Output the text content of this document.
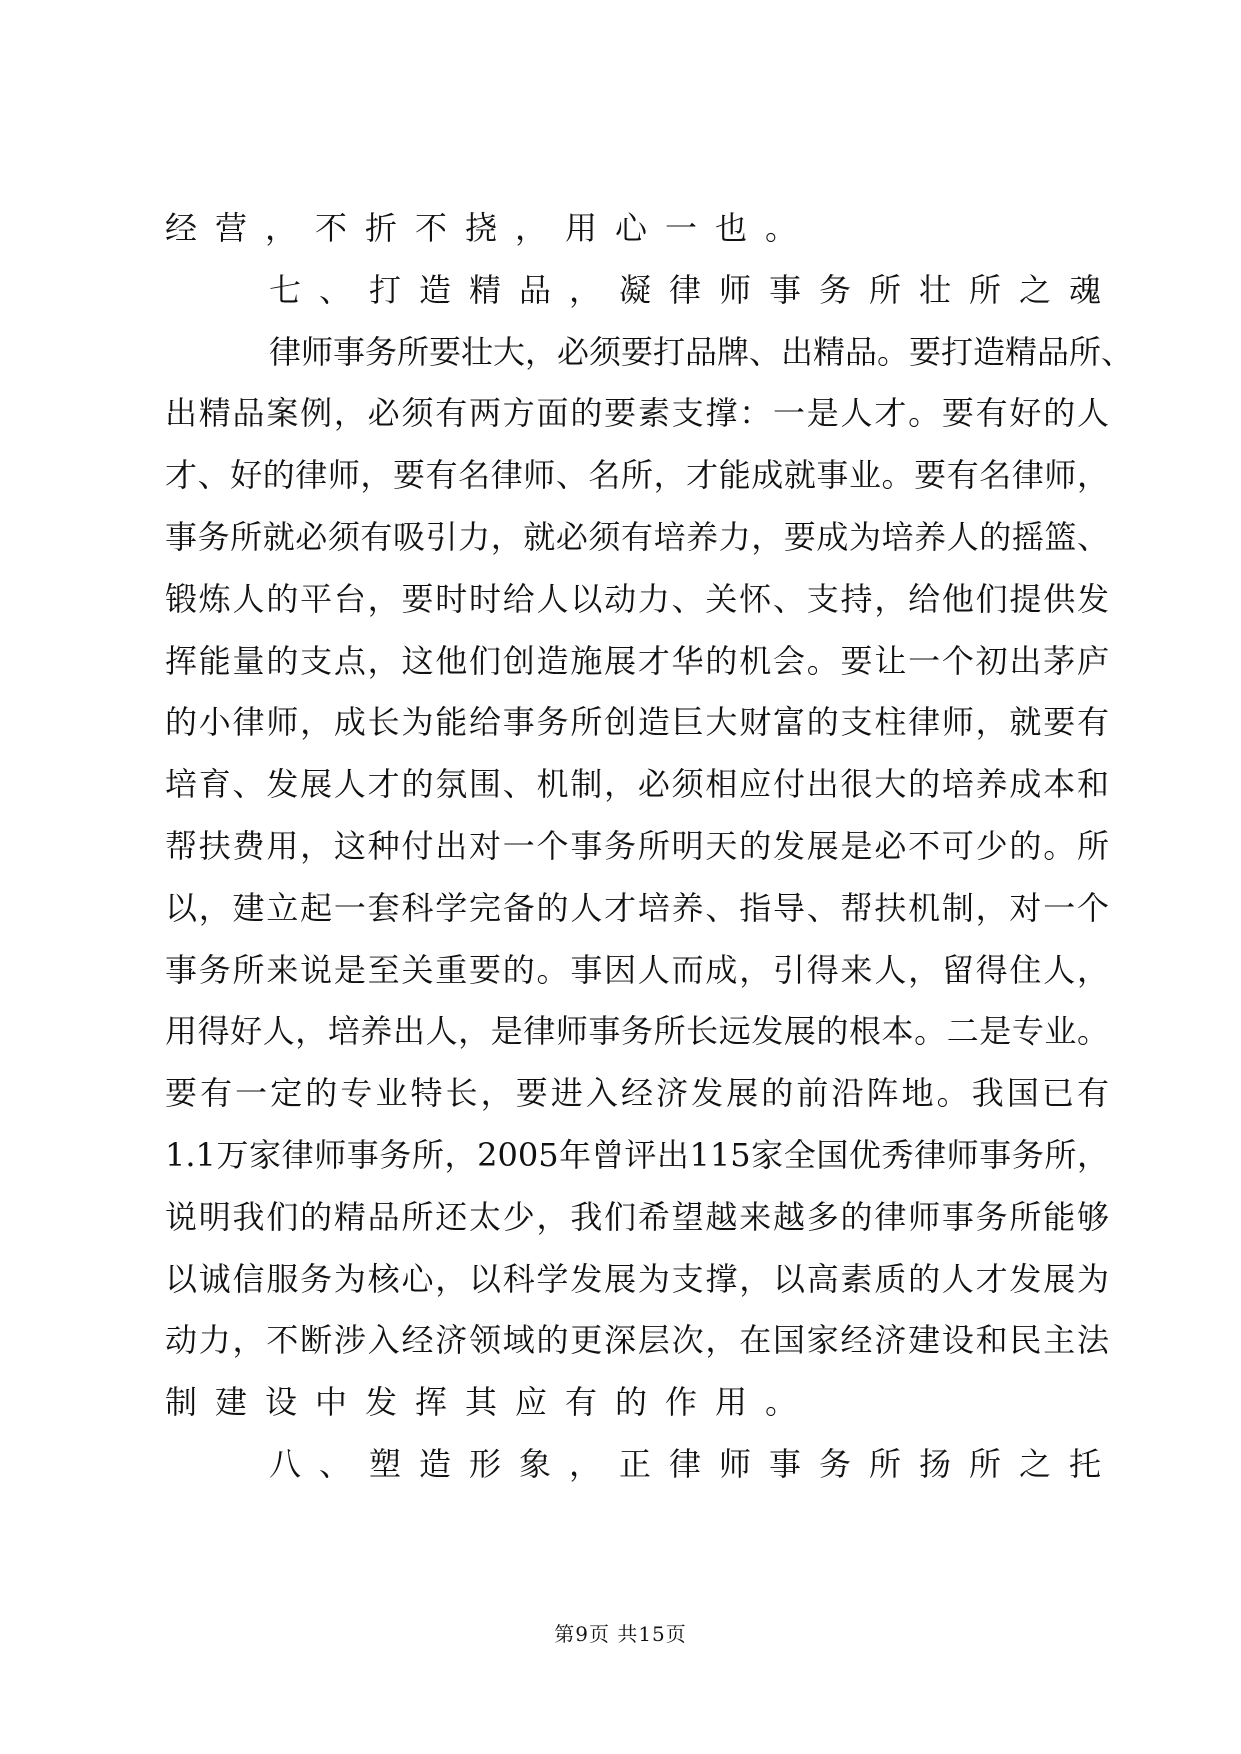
经营，不折不挠，用心一也。
七、打造精品，凝律师事务所壮所之魂
律师事务所要壮大，必须要打品牌、出精品。要打造精品所、
出精品案例，必须有两方面的要素支撑：一是人才。要有好的人
才、好的律师，要有名律师、名所，才能成就事业。要有名律师，
事务所就必须有吸引力，就必须有培养力，要成为培养人的摇篮、
锻炼人的平台，要时时给人以动力、关怀、支持，给他们提供发
挥能量的支点，这他们创造施展才华的机会。要让一个初出茅庐
的小律师，成长为能给事务所创造巨大财富的支柱律师，就要有
培育、发展人才的氛围、机制，必须相应付出很大的培养成本和
帮扶费用，这种付出对一个事务所明天的发展是必不可少的。所
以，建立起一套科学完备的人才培养、指导、帮扶机制，对一个
事务所来说是至关重要的。事因人而成，引得来人，留得住人，
用得好人，培养出人，是律师事务所长远发展的根本。二是专业。
要有一定的专业特长，要进入经济发展的前沿阵地。我国已有
1.1万家律师事务所，2005年曾评出115家全国优秀律师事务所，
说明我们的精品所还太少，我们希望越来越多的律师事务所能够
以诚信服务为核心，以科学发展为支撑，以高素质的人才发展为
动力，不断涉入经济领域的更深层次，在国家经济建设和民主法
制建设中发挥其应有的作用。
八、塑造形象，正律师事务所扬所之托
第9页 共15页
